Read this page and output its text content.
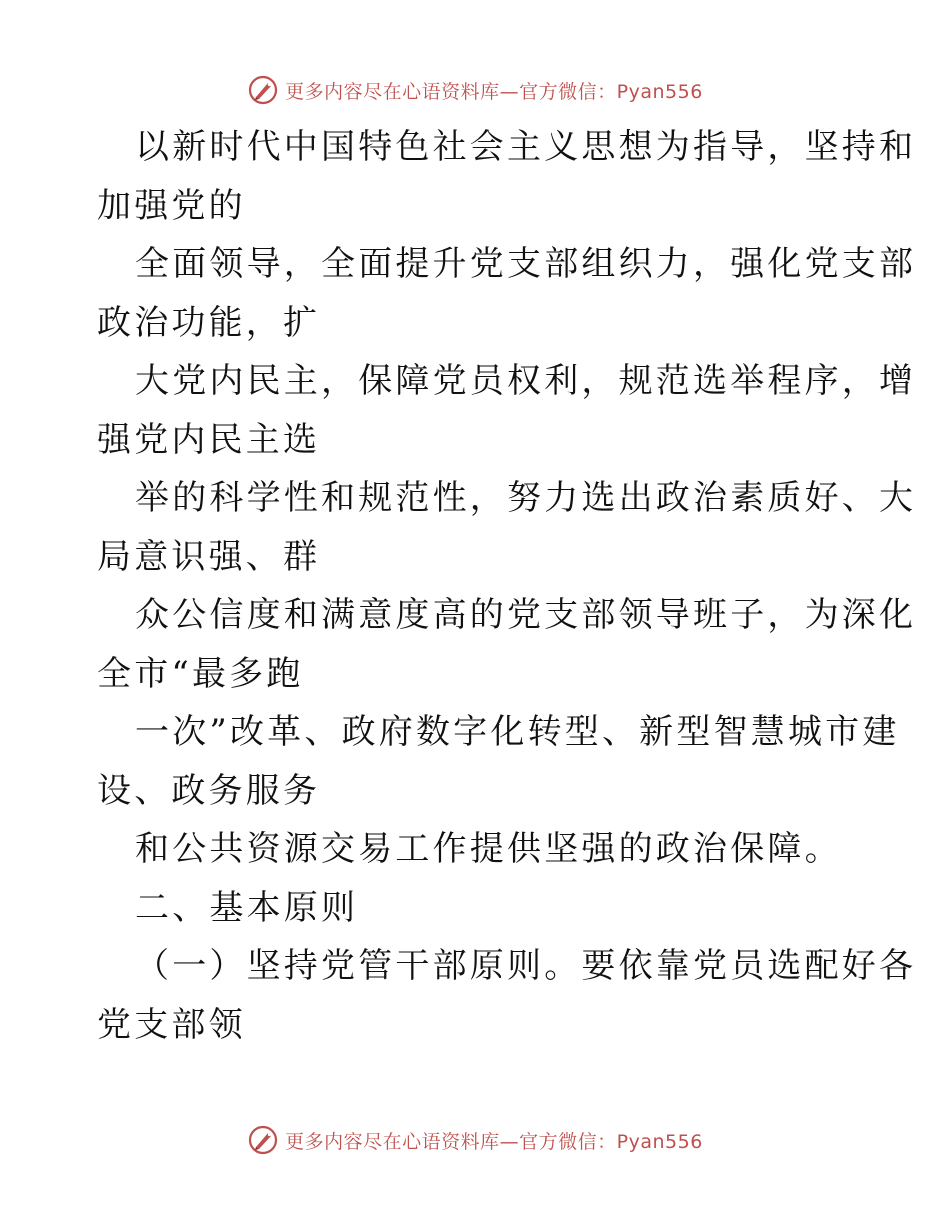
更多内容尽在心语资料库—官方微信：Pyan556
以新时代中国特色社会主义思想为指导，坚持和
加强党的
全面领导，全面提升党支部组织力，强化党支部
政治功能，扩
大党内民主，保障党员权利，规范选举程序，增
强党内民主选
举的科学性和规范性，努力选出政治素质好、大
局意识强、群
众公信度和满意度高的党支部领导班子，为深化
全市“最多跑
一次”改革、政府数字化转型、新型智慧城市建
设、政务服务
和公共资源交易工作提供坚强的政治保障。
二、基本原则
（一）坚持党管干部原则。要依靠党员选配好各
党支部领
更多内容尽在心语资料库—官方微信：Pyan556
